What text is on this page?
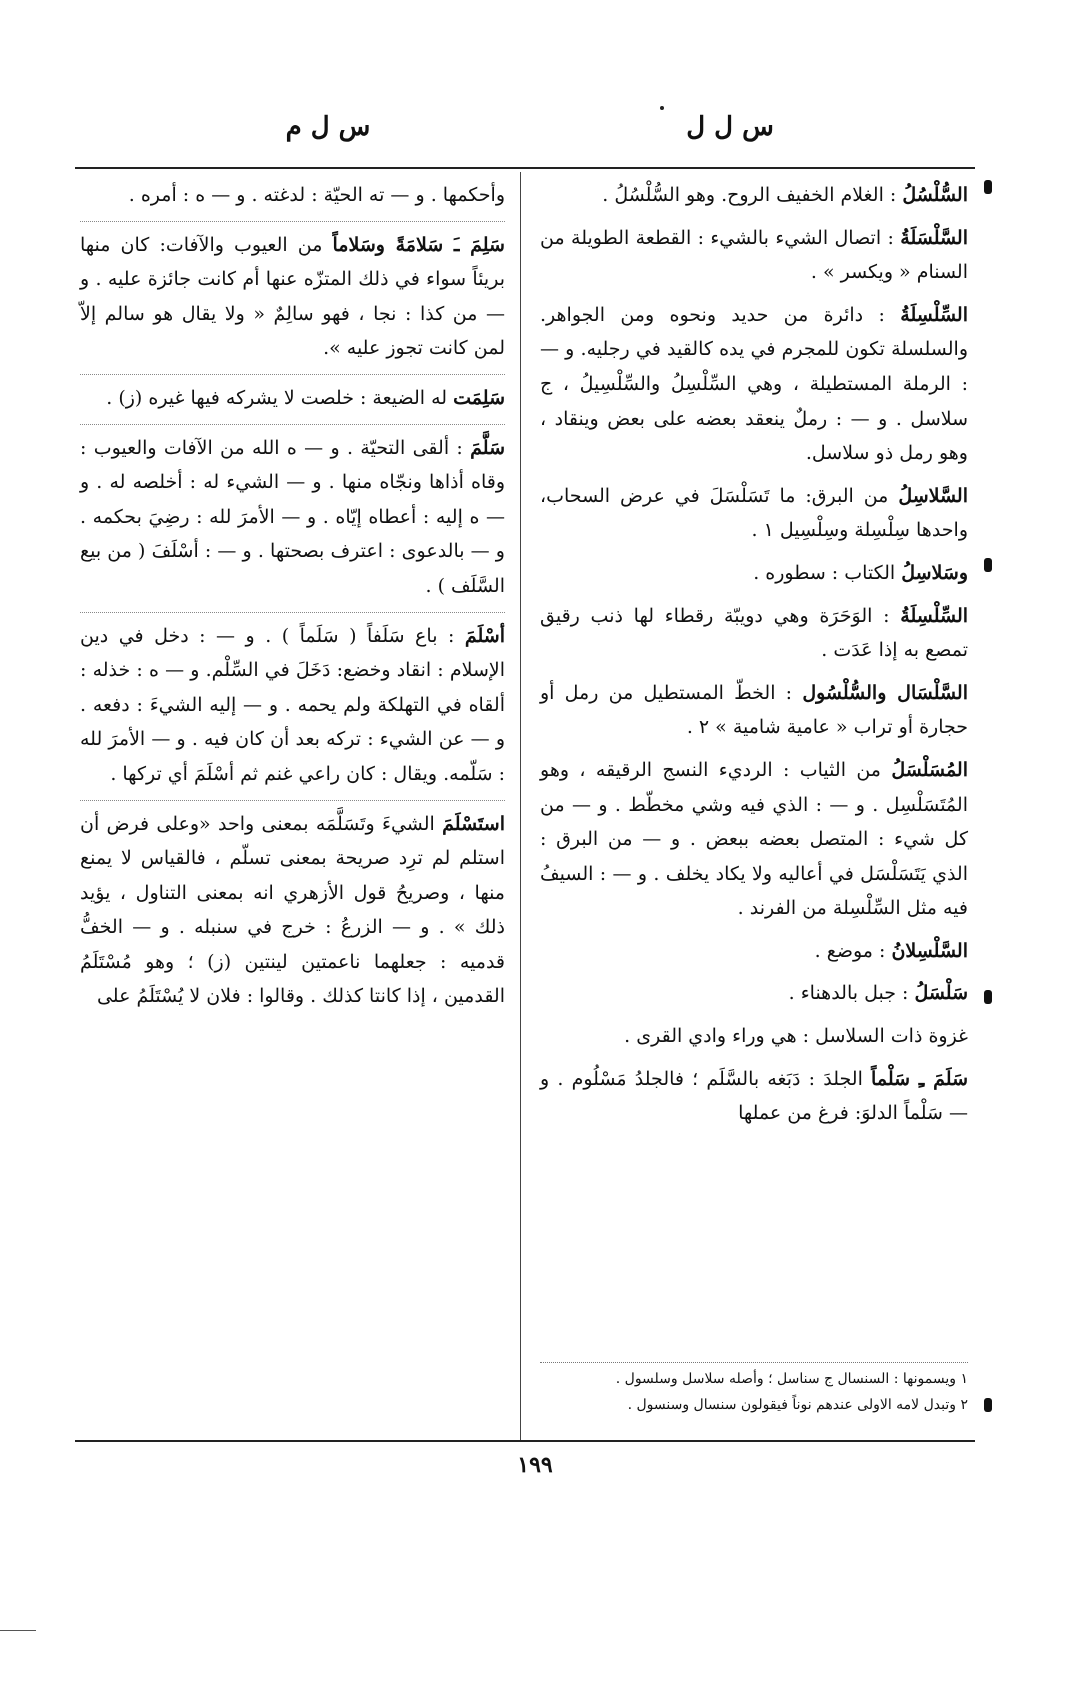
س ل ل
س ل م

السُّلْسُلُ : الغلام الخفيف الروح. وهو السُّلْسُلُ .

السَّلْسَلَةُ : اتصال الشيء بالشيء : القطعة الطويلة من السنام « ويكسر » .

السِّلْسِلَةُ : دائرة من حديد ونحوه ومن الجواهر. والسلسلة تكون للمجرم في يده كالقيد في رجليه. و — : الرملة المستطيلة ، وهي السِّلْسِلُ والسِّلْسِيلُ ، ج سلاسل . و — : رملٌ ينعقد بعضه على بعض وينقاد ، وهو رمل ذو سلاسل.

السَّلاسِلُ من البرق: ما تَسَلْسَلَ في عرض السحاب، واحدها سِلْسِلة وسِلْسِيل ١ .

وسَلاسِلُ الكتاب : سطوره .

السِّلْسِلَةُ : الوَحَرَة وهي دويبّة رقطاء لها ذنب رقيق تمصع به إذا عَدَت .

السَّلْسَال والسُّلْسُول : الخطّ المستطيل من رمل أو حجارة أو تراب « عامية شامية » ٢ .

المُسَلْسَلُ من الثياب : الرديء النسج الرقيقه ، وهو المُتَسَلْسِل . و — : الذي فيه وشي مخطّط . و — من كل شيء : المتصل بعضه ببعض . و — من البرق : الذي يَتَسَلْسَل في أعاليه ولا يكاد يخلف . و — : السيفُ فيه مثل السِّلْسِلة من الفرند .

السَّلْسِلانُ : موضع .

سَلْسَلُ : جبل بالدهناء .

غزوة ذات السلاسل : هي وراء وادي القرى .

سَلَمَ ـِ سَلْماً الجلدَ : دَبَغه بالسَّلَم ؛ فالجلدُ مَسْلُوم . و — سَلْماً الدلوَ: فرغ من عملها

وأحكمها . و — ته الحيّة : لدغته . و — ه : أمره .

سَلِمَ ـَ سَلامَةً وسَلاماً من العيوب والآفات: كان منها بريئاً سواء في ذلك المتزّه عنها أم كانت جائزة عليه . و — من كذا : نجا ، فهو سالِمٌ « ولا يقال هو سالم إلاّ لمن كانت تجوز عليه ».

سَلِمَت له الضيعة : خلصت لا يشركه فيها غيره (ز) .

سَلَّمَ : ألقى التحيّة . و — ه الله من الآفات والعيوب : وقاه أذاها ونجّاه منها . و — الشيء له : أخلصه له . و — ه إليه : أعطاه إيّاه . و — الأمرَ لله : رضِيَ بحكمه . و — بالدعوى : اعترف بصحتها . و — : أسْلَفَ ( من بيع السَّلَف ) .

أسْلَمَ : باع سَلَفاً ( سَلَماً ) . و — : دخل في دين الإسلام : انقاد وخضع: دَخَلَ في السِّلْم. و — ه : خذله : ألقاه في التهلكة ولم يحمه . و — إليه الشيءَ : دفعه . و — عن الشيء : تركه بعد أن كان فيه . و — الأمرَ لله : سَلّمه. ويقال : كان راعي غنم ثم أسْلَمَ أي تركها .

استَسْلَمَ الشيءَ وتَسَلَّمَه بمعنى واحد «وعلى فرض أن استلم لم ترِد صريحة بمعنى تسلّم ، فالقياس لا يمنع منها ، وصريحُ قول الأزهري انه بمعنى التناول ، يؤيد ذلك » . و — الزرعُ : خرج في سنبله . و — الخفُّ قدميه : جعلهما ناعمتين لينتين (ز) ؛ وهو مُسْتَلَمُ القدمين ، إذا كانتا كذلك . وقالوا : فلان لا يُسْتَلَمُ على

١ ويسمونها : السنسال ج سناسل ؛ وأصله سلاسل وسلسول .
٢ وتبدل لامه الاولى عندهم نوناً فيقولون سنسال وسنسول .
١٩٩
